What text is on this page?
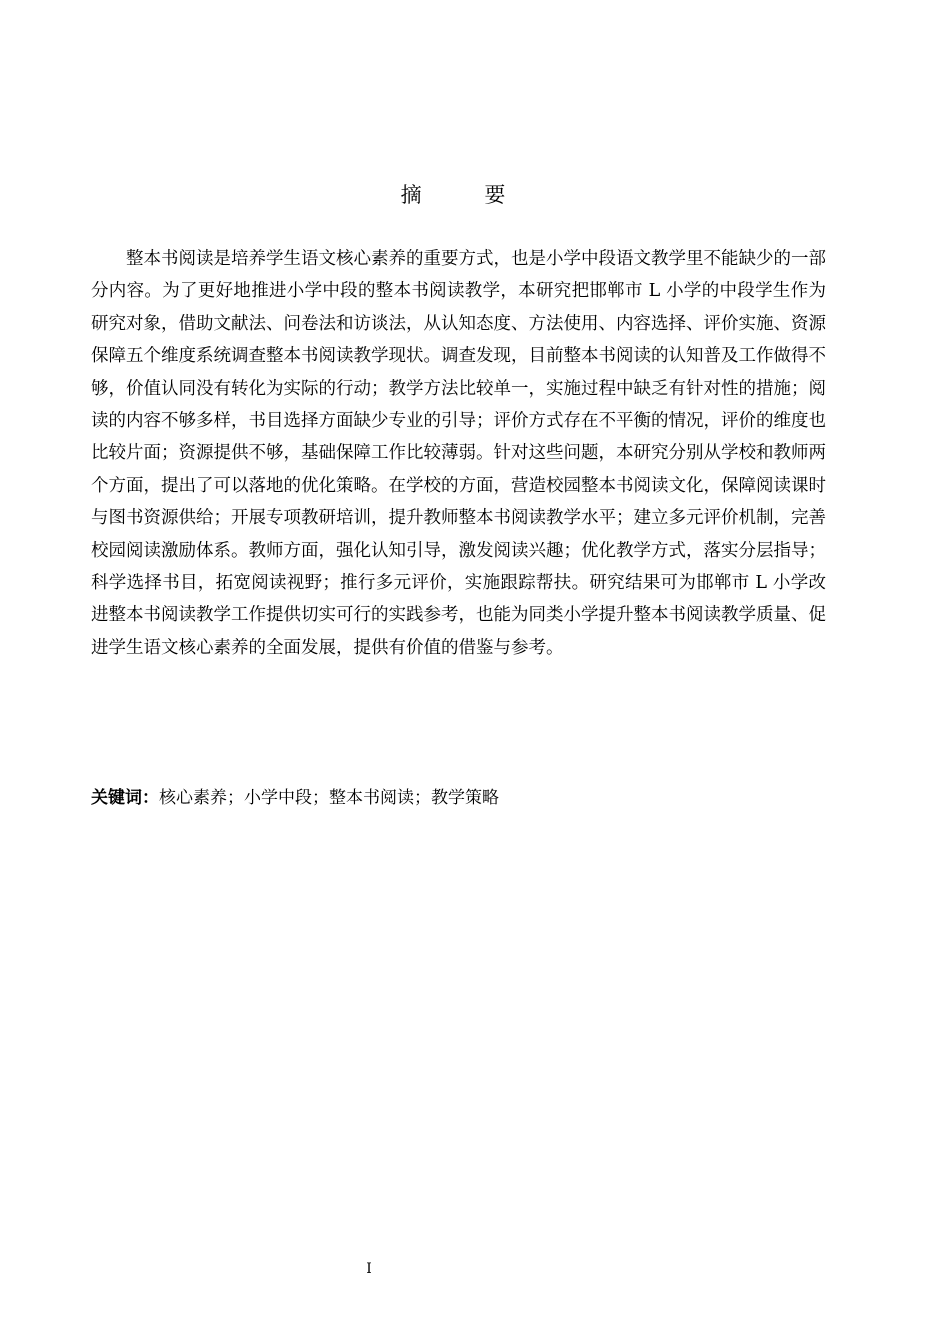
摘 要

整本书阅读是培养学生语文核心素养的重要方式，也是小学中段语文教学里不能缺少的一部分内容。为了更好地推进小学中段的整本书阅读教学，本研究把邯郸市 L 小学的中段学生作为研究对象，借助文献法、问卷法和访谈法，从认知态度、方法使用、内容选择、评价实施、资源保障五个维度系统调查整本书阅读教学现状。调查发现，目前整本书阅读的认知普及工作做得不够，价值认同没有转化为实际的行动；教学方法比较单一，实施过程中缺乏有针对性的措施；阅读的内容不够多样，书目选择方面缺少专业的引导；评价方式存在不平衡的情况，评价的维度也比较片面；资源提供不够，基础保障工作比较薄弱。针对这些问题，本研究分别从学校和教师两个方面，提出了可以落地的优化策略。在学校的方面，营造校园整本书阅读文化，保障阅读课时与图书资源供给；开展专项教研培训，提升教师整本书阅读教学水平；建立多元评价机制，完善校园阅读激励体系。教师方面，强化认知引导，激发阅读兴趣；优化教学方式，落实分层指导；科学选择书目，拓宽阅读视野；推行多元评价，实施跟踪帮扶。研究结果可为邯郸市 L 小学改进整本书阅读教学工作提供切实可行的实践参考，也能为同类小学提升整本书阅读教学质量、促进学生语文核心素养的全面发展，提供有价值的借鉴与参考。

关键词：核心素养；小学中段；整本书阅读；教学策略
I
